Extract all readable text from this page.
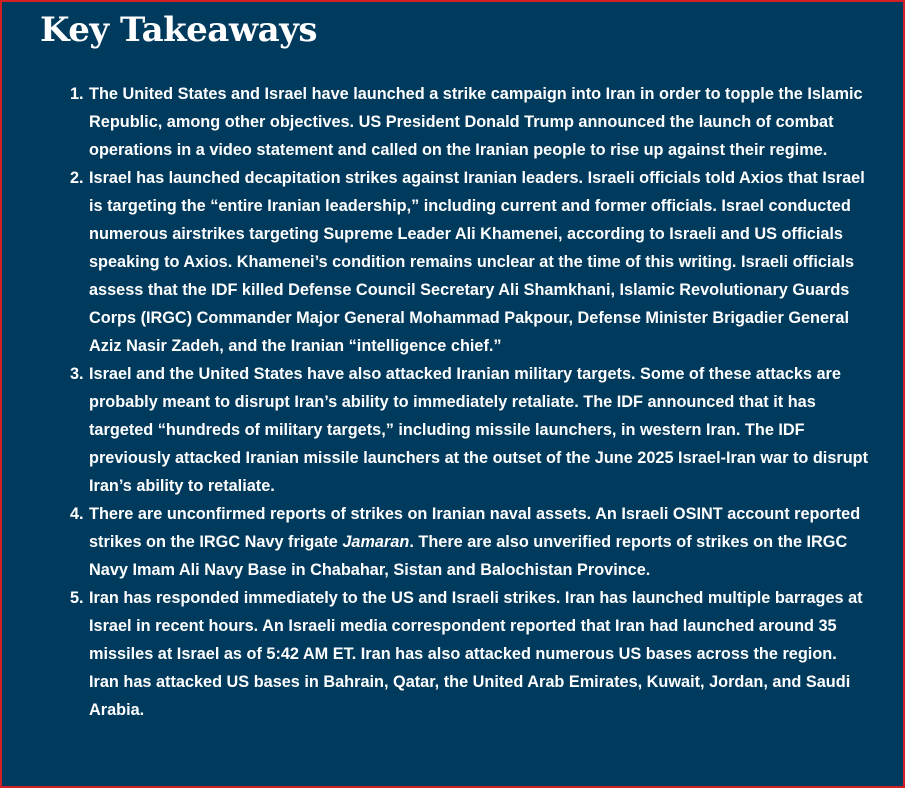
Key Takeaways
1. The United States and Israel have launched a strike campaign into Iran in order to topple the Islamic Republic, among other objectives. US President Donald Trump announced the launch of combat operations in a video statement and called on the Iranian people to rise up against their regime.
2. Israel has launched decapitation strikes against Iranian leaders. Israeli officials told Axios that Israel is targeting the “entire Iranian leadership,” including current and former officials. Israel conducted numerous airstrikes targeting Supreme Leader Ali Khamenei, according to Israeli and US officials speaking to Axios. Khamenei’s condition remains unclear at the time of this writing. Israeli officials assess that the IDF killed Defense Council Secretary Ali Shamkhani, Islamic Revolutionary Guards Corps (IRGC) Commander Major General Mohammad Pakpour, Defense Minister Brigadier General Aziz Nasir Zadeh, and the Iranian “intelligence chief.”
3. Israel and the United States have also attacked Iranian military targets. Some of these attacks are probably meant to disrupt Iran’s ability to immediately retaliate. The IDF announced that it has targeted “hundreds of military targets,” including missile launchers, in western Iran. The IDF previously attacked Iranian missile launchers at the outset of the June 2025 Israel-Iran war to disrupt Iran’s ability to retaliate.
4. There are unconfirmed reports of strikes on Iranian naval assets. An Israeli OSINT account reported strikes on the IRGC Navy frigate Jamaran. There are also unverified reports of strikes on the IRGC Navy Imam Ali Navy Base in Chabahar, Sistan and Balochistan Province.
5. Iran has responded immediately to the US and Israeli strikes. Iran has launched multiple barrages at Israel in recent hours. An Israeli media correspondent reported that Iran had launched around 35 missiles at Israel as of 5:42 AM ET. Iran has also attacked numerous US bases across the region. Iran has attacked US bases in Bahrain, Qatar, the United Arab Emirates, Kuwait, Jordan, and Saudi Arabia.
